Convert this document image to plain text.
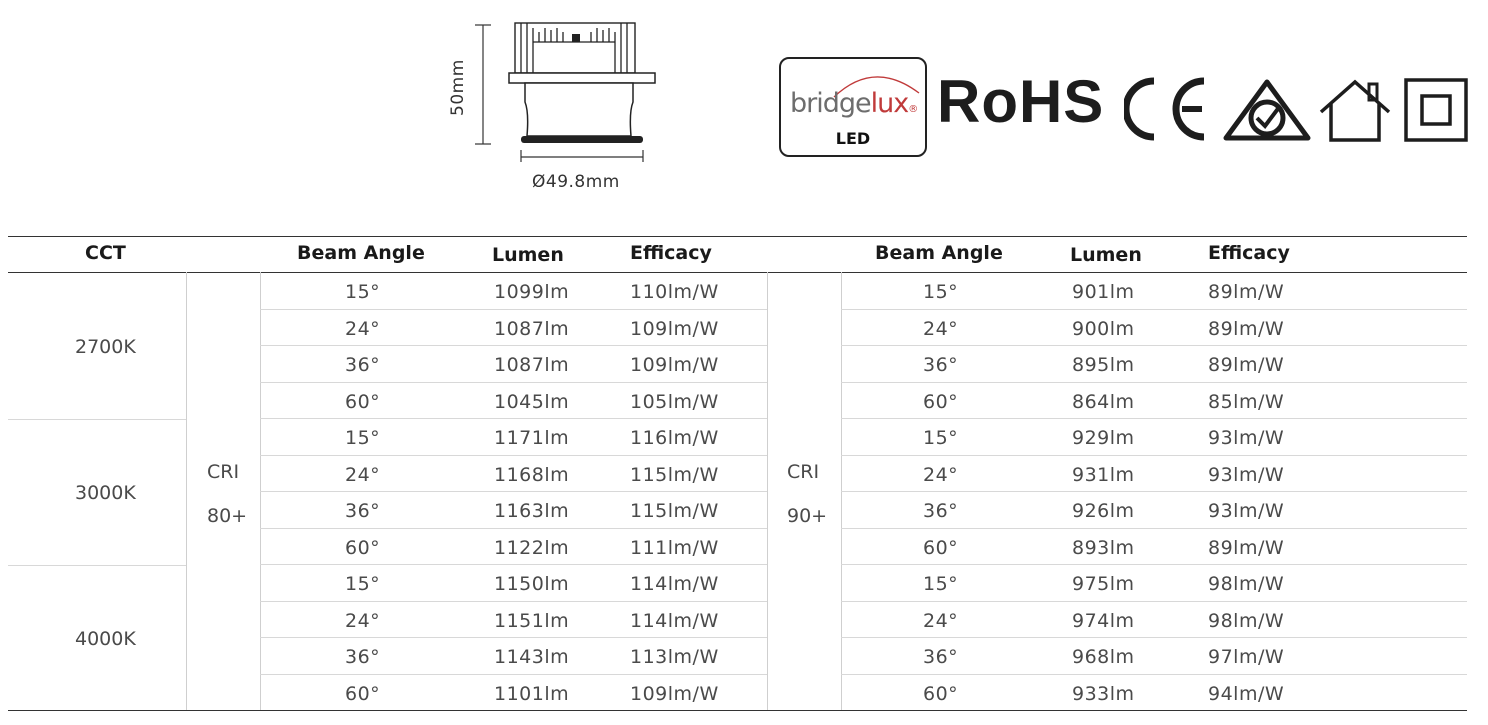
50mm
Ø49.8mm
bridgelux®
LED
RoHS
CCT	Beam Angle	Lumen	Efficacy	Beam Angle	Lumen	Efficacy
2700K
3000K
4000K
CRI
80+
CRI
90+
15°	1099lm	110lm/W	15°	901lm	89lm/W
24°	1087lm	109lm/W	24°	900lm	89lm/W
36°	1087lm	109lm/W	36°	895lm	89lm/W
60°	1045lm	105lm/W	60°	864lm	85lm/W
15°	1171lm	116lm/W	15°	929lm	93lm/W
24°	1168lm	115lm/W	24°	931lm	93lm/W
36°	1163lm	115lm/W	36°	926lm	93lm/W
60°	1122lm	111lm/W	60°	893lm	89lm/W
15°	1150lm	114lm/W	15°	975lm	98lm/W
24°	1151lm	114lm/W	24°	974lm	98lm/W
36°	1143lm	113lm/W	36°	968lm	97lm/W
60°	1101lm	109lm/W	60°	933lm	94lm/W
